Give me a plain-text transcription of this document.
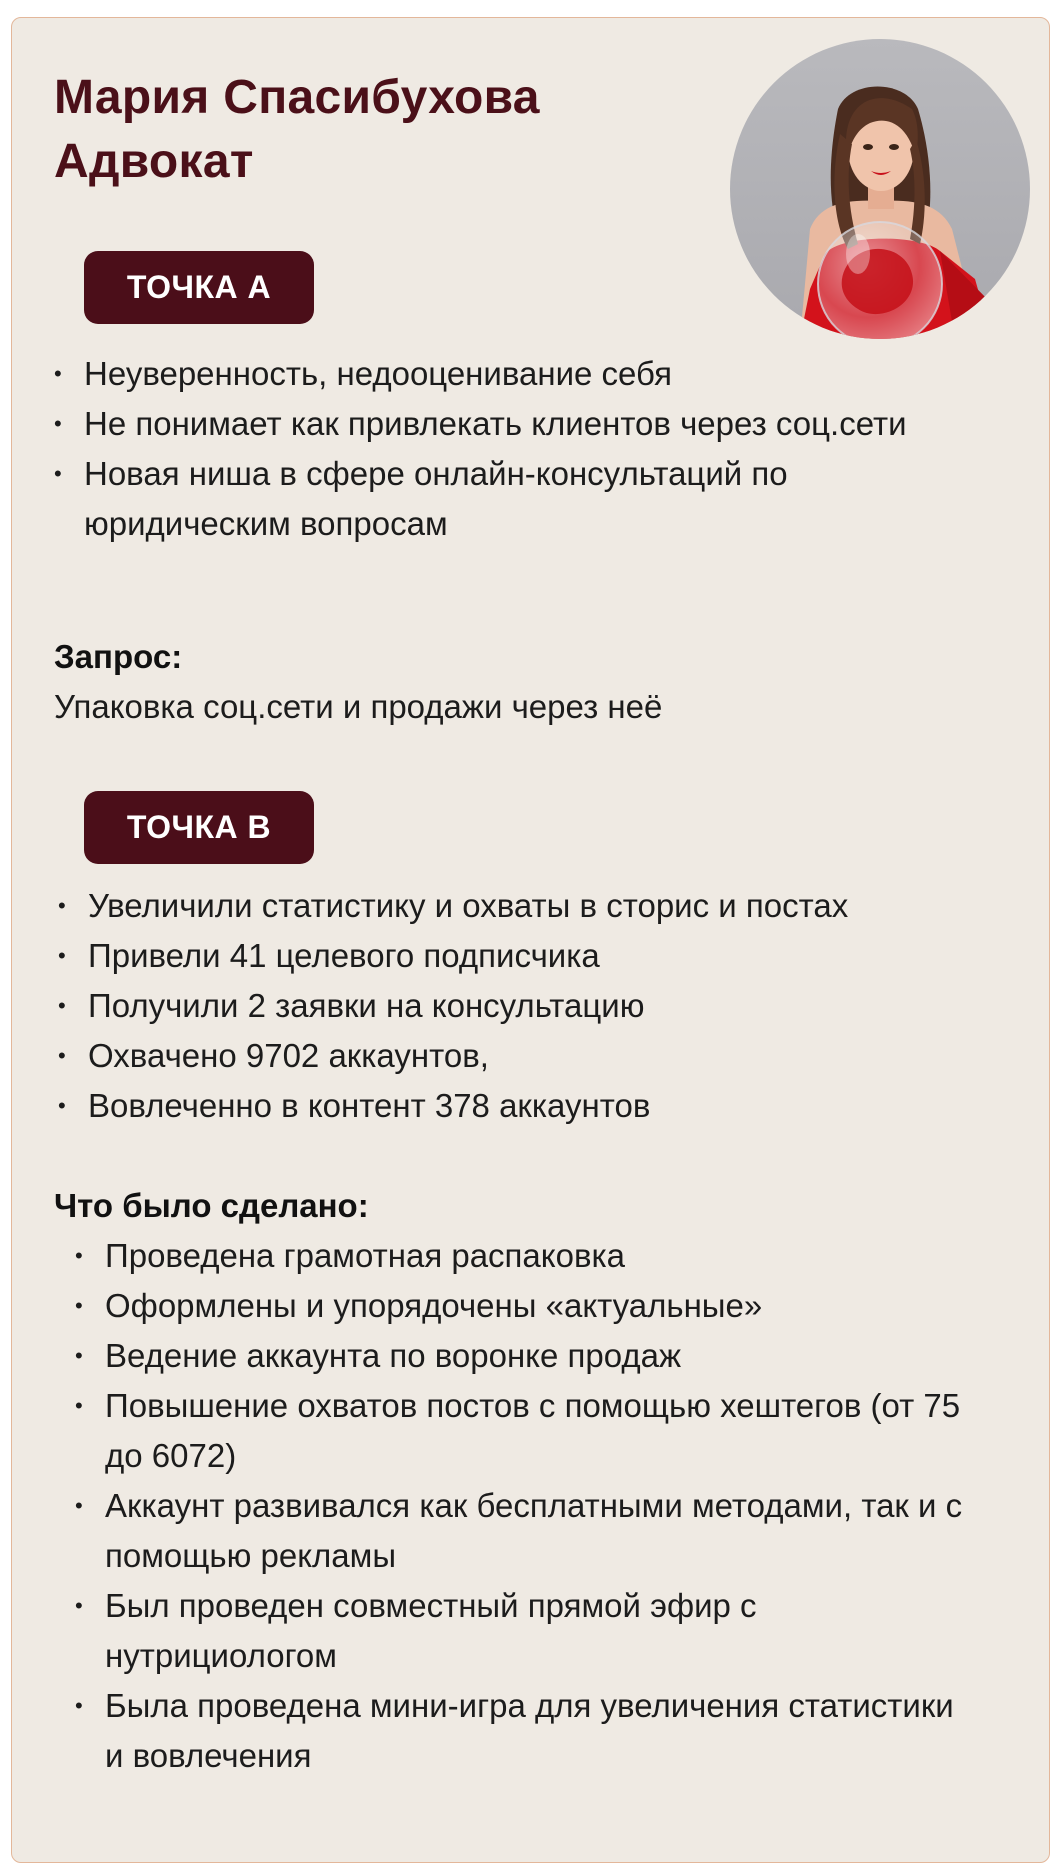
Мария Спасибухова
Адвокат
ТОЧКА А
• Неуверенность, недооценивание себя
• Не понимает как привлекать клиентов через соц.сети
• Новая ниша в сфере онлайн-консультаций по юридическим вопросам

Запрос:

Упаковка соц.сети и продажи через неё

ТОЧКА В
• Увеличили статистику и охваты в сторис и постах
• Привели 41 целевого подписчика
• Получили 2 заявки на консультацию
• Охвачено 9702 аккаунтов,
• Вовлеченно в контент 378 аккаунтов

Что было сделано:

• Проведена грамотная распаковка
• Оформлены и упорядочены «актуальные»
• Ведение аккаунта по воронке продаж
• Повышение охватов постов с помощью хештегов (от 75 до 6072)
• Аккаунт развивался как бесплатными методами, так и с помощью рекламы
• Был проведен совместный прямой эфир с нутрициологом
• Была проведена мини-игра для увеличения статистики и вовлечения
